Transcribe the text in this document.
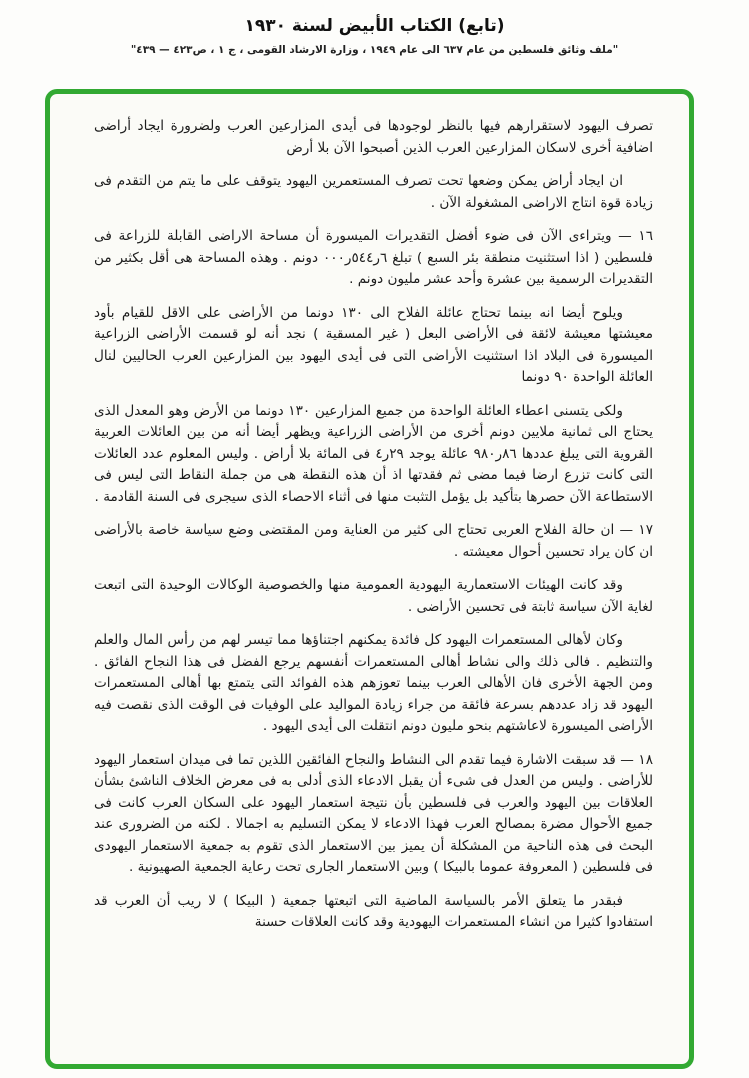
(تابع) الكتاب الأبيض لسنة ١٩٣٠
"ملف وثائق فلسطين من عام ٦٣٧ الى عام ١٩٤٩ ، وزارة الارشاد القومى ، ج ١ ، ص٤٢٣ — ٤٣٩"

تصرف اليهود لاستقرارهم فيها بالنظر لوجودها فى أيدى المزارعين العرب ولضرورة ايجاد أراضى اضافية أخرى لاسكان المزارعين العرب الذين أصبحوا الآن بلا أرض

ان ايجاد أراض يمكن وضعها تحت تصرف المستعمرين اليهود يتوقف على ما يتم من التقدم فى زيادة قوة انتاج الاراضى المشغولة الآن .

١٦ — ويتراءى الآن فى ضوء أفضل التقديرات الميسورة أن مساحة الاراضى القابلة للزراعة فى فلسطين ( اذا استثنيت منطقة بئر السبع ) تبلغ ٦ر٥٤٤ر٠٠٠ دونم . وهذه المساحة هى أقل بكثير من التقديرات الرسمية بين عشرة وأحد عشر مليون دونم .

ويلوح أيضا انه بينما تحتاج عائلة الفلاح الى ١٣٠ دونما من الأراضى على الاقل للقيام بأود معيشتها معيشة لائقة فى الأراضى البعل ( غير المسقية ) نجد أنه لو قسمت الأراضى الزراعية الميسورة فى البلاد اذا استثنيت الأراضى التى فى أيدى اليهود بين المزارعين العرب الحاليين لنال العائلة الواحدة ٩٠ دونما

ولكى يتسنى اعطاء العائلة الواحدة من جميع المزارعين ١٣٠ دونما من الأرض وهو المعدل الذى يحتاج الى ثمانية ملايين دونم أخرى من الأراضى الزراعية ويظهر أيضا أنه من بين العائلات العربية القروية التى يبلغ عددها ٨٦ر٩٨٠ عائلة يوجد ٢٩ر٤ فى المائة بلا أراض . وليس المعلوم عدد العائلات التى كانت تزرع ارضا فيما مضى ثم فقدتها اذ أن هذه النقطة هى من جملة النقاط التى ليس فى الاستطاعة الآن حصرها بتأكيد بل يؤمل التثبت منها فى أثناء الاحصاء الذى سيجرى فى السنة القادمة .

١٧ — ان حالة الفلاح العربى تحتاج الى كثير من العناية ومن المقتضى وضع سياسة خاصة بالأراضى ان كان يراد تحسين أحوال معيشته .

وقد كانت الهيئات الاستعمارية اليهودية العمومية منها والخصوصية الوكالات الوحيدة التى اتبعت لغاية الآن سياسة ثابتة فى تحسين الأراضى .

وكان لأهالى المستعمرات اليهود كل فائدة يمكنهم اجتناؤها مما تيسر لهم من رأس المال والعلم والتنظيم . فالى ذلك والى نشاط أهالى المستعمرات أنفسهم يرجع الفضل فى هذا النجاح الفائق . ومن الجهة الأخرى فان الأهالى العرب بينما تعوزهم هذه الفوائد التى يتمتع بها أهالى المستعمرات اليهود قد زاد عددهم بسرعة فائقة من جراء زيادة المواليد على الوفيات فى الوقت الذى نقصت فيه الأراضى الميسورة لاعاشتهم بنحو مليون دونم انتقلت الى أيدى اليهود .

١٨ — قد سبقت الاشارة فيما تقدم الى النشاط والنجاح الفائقين اللذين تما فى ميدان استعمار اليهود للأراضى . وليس من العدل فى شىء أن يقبل الادعاء الذى أدلى به فى معرض الخلاف الناشئ بشأن العلاقات بين اليهود والعرب فى فلسطين بأن نتيجة استعمار اليهود على السكان العرب كانت فى جميع الأحوال مضرة بمصالح العرب فهذا الادعاء لا يمكن التسليم به اجمالا . لكنه من الضرورى عند البحث فى هذه الناحية من المشكلة أن يميز بين الاستعمار الذى تقوم به جمعية الاستعمار اليهودى فى فلسطين ( المعروفة عموما بالبيكا ) وبين الاستعمار الجارى تحت رعاية الجمعية الصهيونية .

فبقدر ما يتعلق الأمر بالسياسة الماضية التى اتبعتها جمعية ( البيكا ) لا ريب أن العرب قد استفادوا كثيرا من انشاء المستعمرات اليهودية وقد كانت العلاقات حسنة
